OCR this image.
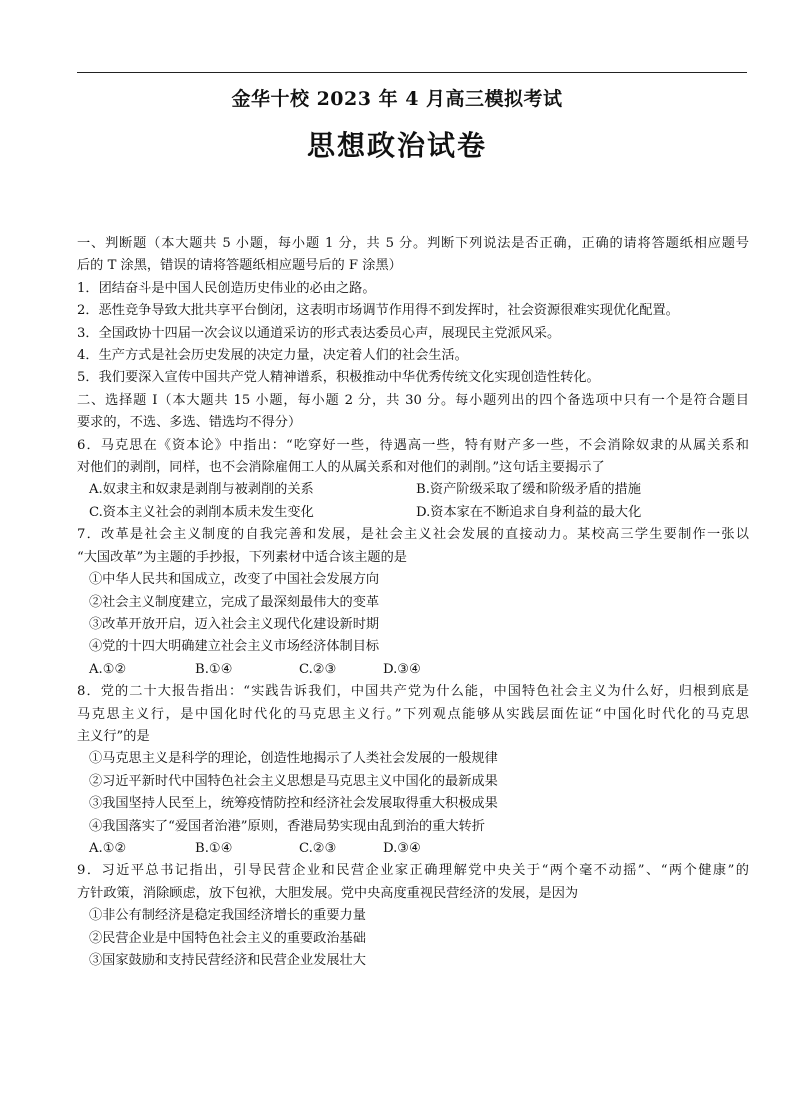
金华十校 2023 年 4 月高三模拟考试
思想政治试卷
一、判断题（本大题共 5 小题，每小题 1 分，共 5 分。判断下列说法是否正确，正确的请将答题纸相应题号
后的 T 涂黑，错误的请将答题纸相应题号后的 F 涂黑）
1．团结奋斗是中国人民创造历史伟业的必由之路。
2．恶性竞争导致大批共享平台倒闭，这表明市场调节作用得不到发挥时，社会资源很难实现优化配置。
3．全国政协十四届一次会议以通道采访的形式表达委员心声，展现民主党派风采。
4．生产方式是社会历史发展的决定力量，决定着人们的社会生活。
5．我们要深入宣传中国共产党人精神谱系，积极推动中华优秀传统文化实现创造性转化。
二、选择题 I（本大题共 15 小题，每小题 2 分，共 30 分。每小题列出的四个备选项中只有一个是符合题目
要求的，不选、多选、错选均不得分）
6．马克思在《资本论》中指出：“吃穿好一些，待遇高一些，特有财产多一些，不会消除奴隶的从属关系和
对他们的剥削，同样，也不会消除雇佣工人的从属关系和对他们的剥削。”这句话主要揭示了
A.奴隶主和奴隶是剥削与被剥削的关系	B.资产阶级采取了缓和阶级矛盾的措施
C.资本主义社会的剥削本质未发生变化	D.资本家在不断追求自身利益的最大化
7．改革是社会主义制度的自我完善和发展，是社会主义社会发展的直接动力。某校高三学生要制作一张以
“大国改革”为主题的手抄报，下列素材中适合该主题的是
①中华人民共和国成立，改变了中国社会发展方向
②社会主义制度建立，完成了最深刻最伟大的变革
③改革开放开启，迈入社会主义现代化建设新时期
④党的十四大明确建立社会主义市场经济体制目标
A.①②	B.①④	C.②③	D.③④
8．党的二十大报告指出：“实践告诉我们，中国共产党为什么能，中国特色社会主义为什么好，归根到底是
马克思主义行，是中国化时代化的马克思主义行。”下列观点能够从实践层面佐证“中国化时代化的马克思
主义行”的是
①马克思主义是科学的理论，创造性地揭示了人类社会发展的一般规律
②习近平新时代中国特色社会主义思想是马克思主义中国化的最新成果
③我国坚持人民至上，统筹疫情防控和经济社会发展取得重大积极成果
④我国落实了“爱国者治港”原则，香港局势实现由乱到治的重大转折
A.①②	B.①④	C.②③	D.③④
9．习近平总书记指出，引导民营企业和民营企业家正确理解党中央关于“两个毫不动摇”、“两个健康”的
方针政策，消除顾虑，放下包袱，大胆发展。党中央高度重视民营经济的发展，是因为
①非公有制经济是稳定我国经济增长的重要力量
②民营企业是中国特色社会主义的重要政治基础
③国家鼓励和支持民营经济和民营企业发展壮大
